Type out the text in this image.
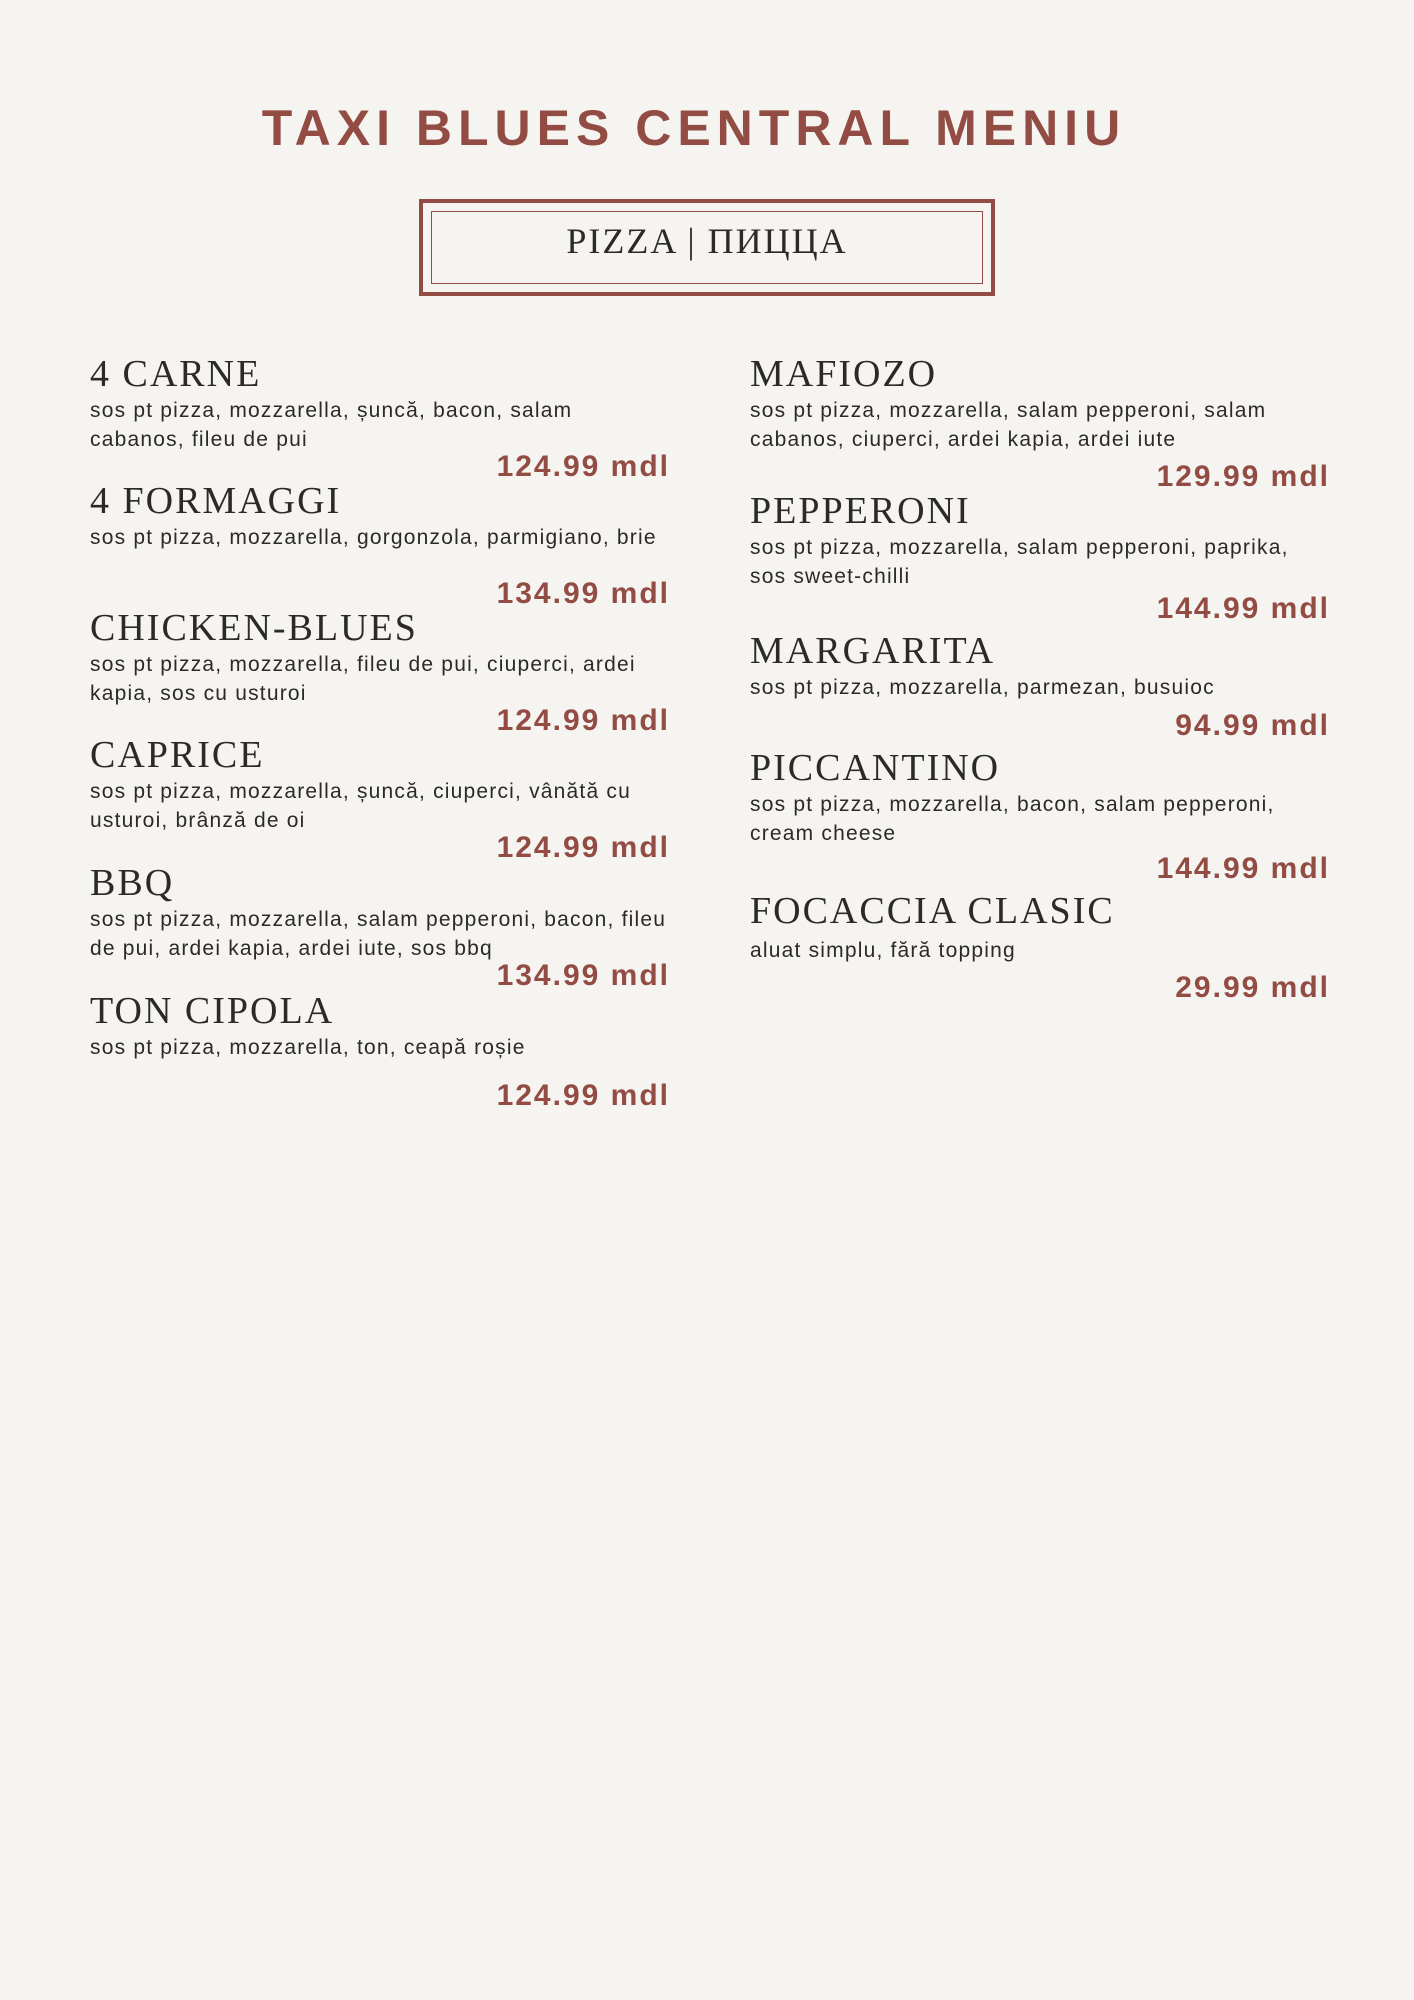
TAXI BLUES CENTRAL MENIU
PIZZA | ПИЦЦА
4 CARNE

sos pt pizza, mozzarella, șuncă, bacon, salam cabanos, fileu de pui

124.99 mdl

4 FORMAGGI

sos pt pizza, mozzarella, gorgonzola, parmigiano, brie

134.99 mdl

CHICKEN-BLUES

sos pt pizza, mozzarella, fileu de pui, ciuperci, ardei kapia, sos cu usturoi

124.99 mdl

CAPRICE

sos pt pizza, mozzarella, șuncă, ciuperci, vânătă cu usturoi, brânză de oi

124.99 mdl

BBQ

sos pt pizza, mozzarella, salam pepperoni, bacon, fileu de pui, ardei kapia, ardei iute, sos bbq

134.99 mdl

TON CIPOLA

sos pt pizza, mozzarella, ton, ceapă roșie

124.99 mdl

MAFIOZO

sos pt pizza, mozzarella, salam pepperoni, salam cabanos, ciuperci, ardei kapia, ardei iute

129.99 mdl

PEPPERONI

sos pt pizza, mozzarella, salam pepperoni, paprika, sos sweet-chilli

144.99 mdl

MARGARITA

sos pt pizza, mozzarella, parmezan, busuioc

94.99 mdl

PICCANTINO

sos pt pizza, mozzarella, bacon, salam pepperoni, cream cheese

144.99 mdl

FOCACCIA CLASIC

aluat simplu, fără topping

29.99 mdl
